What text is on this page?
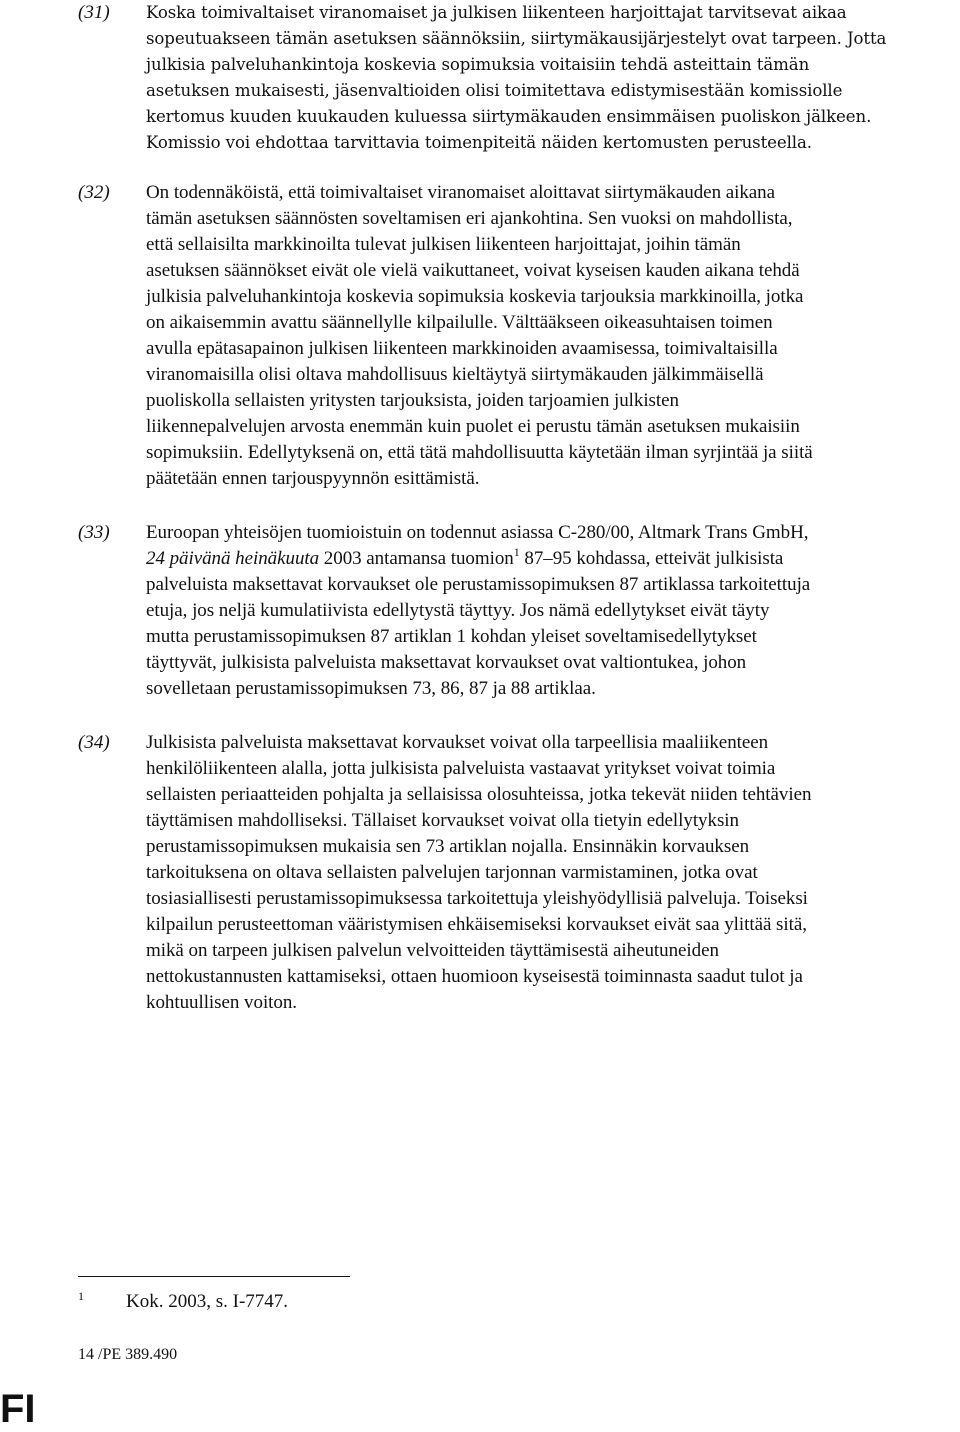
(31) Koska toimivaltaiset viranomaiset ja julkisen liikenteen harjoittajat tarvitsevat aikaa
sopeutuakseen tämän asetuksen säännöksiin, siirtymäkausijärjestelyt ovat tarpeen. Jotta
julkisia palveluhankintoja koskevia sopimuksia voitaisiin tehdä asteittain tämän
asetuksen mukaisesti, jäsenvaltioiden olisi toimitettava edistymisestään komissiolle
kertomus kuuden kuukauden kuluessa siirtymäkauden ensimmäisen puoliskon jälkeen.
Komissio voi ehdottaa tarvittavia toimenpiteitä näiden kertomusten perusteella.
(32) On todennäköistä, että toimivaltaiset viranomaiset aloittavat siirtymäkauden aikana
tämän asetuksen säännösten soveltamisen eri ajankohtina. Sen vuoksi on mahdollista,
että sellaisilta markkinoilta tulevat julkisen liikenteen harjoittajat, joihin tämän
asetuksen säännökset eivät ole vielä vaikuttaneet, voivat kyseisen kauden aikana tehdä
julkisia palveluhankintoja koskevia sopimuksia koskevia tarjouksia markkinoilla, jotka
on aikaisemmin avattu säännellylle kilpailulle. Välttääkseen oikeasuhtaisen toimen
avulla epätasapainon julkisen liikenteen markkinoiden avaamisessa, toimivaltaisilla
viranomaisilla olisi oltava mahdollisuus kieltäytyä siirtymäkauden jälkimmäisellä
puoliskolla sellaisten yritysten tarjouksista, joiden tarjoamien julkisten
liikennepalvelujen arvosta enemmän kuin puolet ei perustu tämän asetuksen mukaisiin
sopimuksiin. Edellytyksenä on, että tätä mahdollisuutta käytetään ilman syrjintää ja siitä
päätetään ennen tarjouspyynnön esittämistä.
(33) Euroopan yhteisöjen tuomioistuin on todennut asiassa C-280/00, Altmark Trans GmbH,
24 päivänä heinäkuuta 2003 antamansa tuomion$^1$ 87–95 kohdassa, etteivät julkisista
palveluista maksettavat korvaukset ole perustamissopimuksen 87 artiklassa tarkoitettuja
etuja, jos neljä kumulatiivista edellytystä täyttyy. Jos nämä edellytykset eivät täyty
mutta perustamissopimuksen 87 artiklan 1 kohdan yleiset soveltamisedellytykset
täyttyvät, julkisista palveluista maksettavat korvaukset ovat valtiontukea, johon
sovelletaan perustamissopimuksen 73, 86, 87 ja 88 artiklaa.
(34) Julkisista palveluista maksettavat korvaukset voivat olla tarpeellisia maaliikenteen
henkilöliikenteen alalla, jotta julkisista palveluista vastaavat yritykset voivat toimia
sellaisten periaatteiden pohjalta ja sellaisissa olosuhteissa, jotka tekevät niiden tehtävien
täyttämisen mahdolliseksi. Tällaiset korvaukset voivat olla tietyin edellytyksin
perustamissopimuksen mukaisia sen 73 artiklan nojalla. Ensinnäkin korvauksen
tarkoituksena on oltava sellaisten palvelujen tarjonnan varmistaminen, jotka ovat
tosiasiallisesti perustamissopimuksessa tarkoitettuja yleishyödyllisiä palveluja. Toiseksi
kilpailun perusteettoman vääristymisen ehkäisemiseksi korvaukset eivät saa ylittää sitä,
mikä on tarpeen julkisen palvelun velvoitteiden täyttämisestä aiheutuneiden
nettokustannusten kattamiseksi, ottaen huomioon kyseisestä toiminnasta saadut tulot ja
kohtuullisen voiton.
1 Kok. 2003, s. I-7747.
14 /PE 389.490
FI
